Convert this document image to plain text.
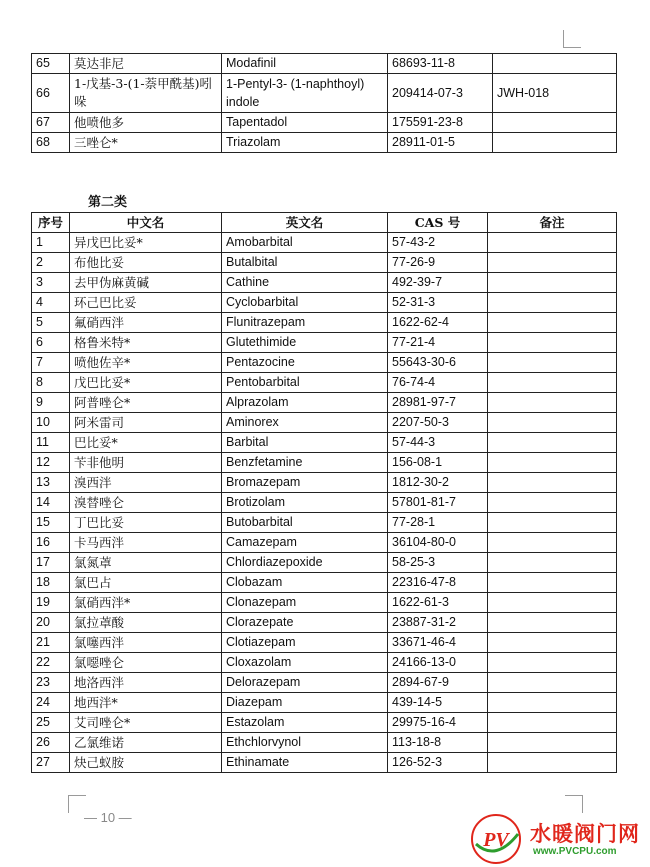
65	莫达非尼	Modafinil	68693-11-8	
66	1-戊基-3-(1-萘甲酰基)吲哚	1-Pentyl-3- (1-naphthoyl) indole	209414-07-3	JWH-018
67	他喷他多	Tapentadol	175591-23-8	
68	三唑仑*	Triazolam	28911-01-5	
第二类
序号	中文名	英文名	CAS 号	备注
1	异戊巴比妥*	Amobarbital	57-43-2	
2	布他比妥	Butalbital	77-26-9	
3	去甲伪麻黄碱	Cathine	492-39-7	
4	环己巴比妥	Cyclobarbital	52-31-3	
5	氟硝西泮	Flunitrazepam	1622-62-4	
6	格鲁米特*	Glutethimide	77-21-4	
7	喷他佐辛*	Pentazocine	55643-30-6	
8	戊巴比妥*	Pentobarbital	76-74-4	
9	阿普唑仑*	Alprazolam	28981-97-7	
10	阿米雷司	Aminorex	2207-50-3	
11	巴比妥*	Barbital	57-44-3	
12	苄非他明	Benzfetamine	156-08-1	
13	溴西泮	Bromazepam	1812-30-2	
14	溴替唑仑	Brotizolam	57801-81-7	
15	丁巴比妥	Butobarbital	77-28-1	
16	卡马西泮	Camazepam	36104-80-0	
17	氯氮䓬	Chlordiazepoxide	58-25-3	
18	氯巴占	Clobazam	22316-47-8	
19	氯硝西泮*	Clonazepam	1622-61-3	
20	氯拉䓬酸	Clorazepate	23887-31-2	
21	氯噻西泮	Clotiazepam	33671-46-4	
22	氯噁唑仑	Cloxazolam	24166-13-0	
23	地洛西泮	Delorazepam	2894-67-9	
24	地西泮*	Diazepam	439-14-5	
25	艾司唑仑*	Estazolam	29975-16-4	
26	乙氯维诺	Ethchlorvynol	113-18-8	
27	炔己蚁胺	Ethinamate	126-52-3	
— 10 —
PV 水暖阀门网
www.PVCPU.com
